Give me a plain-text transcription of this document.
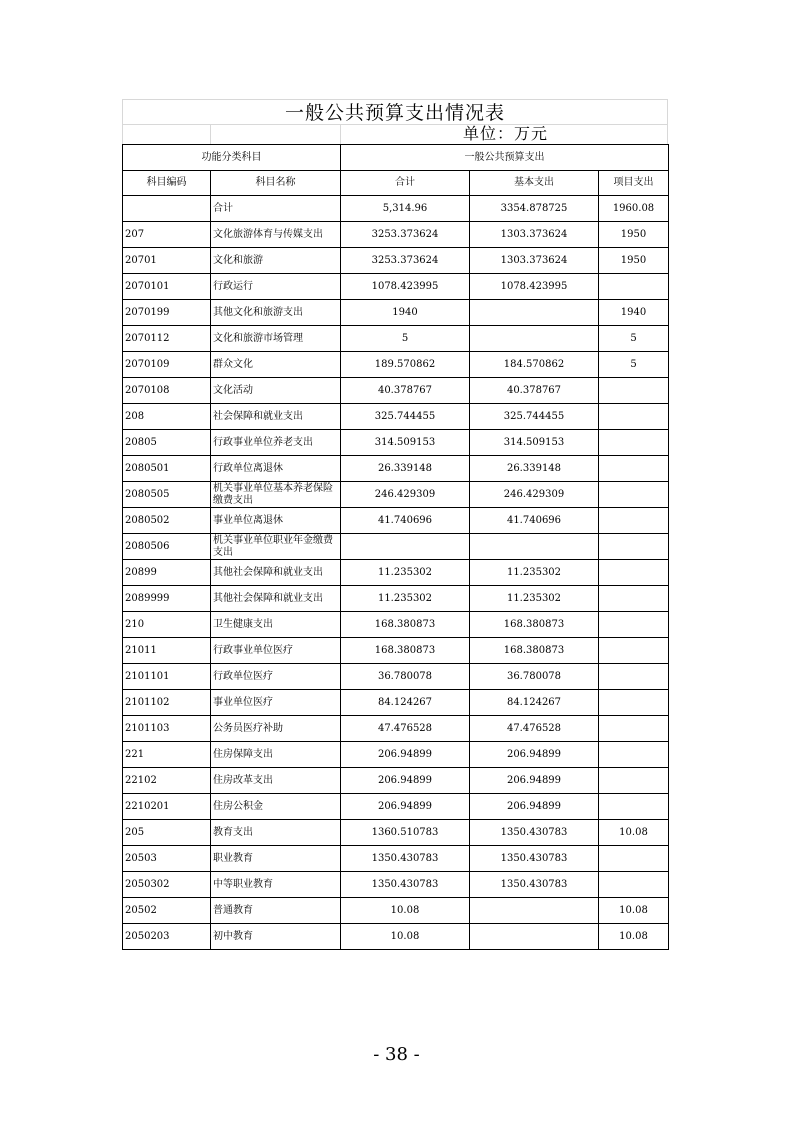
一般公共预算支出情况表
单位：万元
功能分类科目		一般公共预算支出		
科目编码	科目名称	合计	基本支出	项目支出
	合计	5,314.96	3354.878725	1960.08
207	文化旅游体育与传媒支出	3253.373624	1303.373624	1950
20701	文化和旅游	3253.373624	1303.373624	1950
2070101	行政运行	1078.423995	1078.423995	
2070199	其他文化和旅游支出	1940		1940
2070112	文化和旅游市场管理	5		5
2070109	群众文化	189.570862	184.570862	5
2070108	文化活动	40.378767	40.378767	
208	社会保障和就业支出	325.744455	325.744455	
20805	行政事业单位养老支出	314.509153	314.509153	
2080501	行政单位离退休	26.339148	26.339148	
2080505	机关事业单位基本养老保险缴费支出	246.429309	246.429309	
2080502	事业单位离退休	41.740696	41.740696	
2080506	机关事业单位职业年金缴费支出			
20899	其他社会保障和就业支出	11.235302	11.235302	
2089999	其他社会保障和就业支出	11.235302	11.235302	
210	卫生健康支出	168.380873	168.380873	
21011	行政事业单位医疗	168.380873	168.380873	
2101101	行政单位医疗	36.780078	36.780078	
2101102	事业单位医疗	84.124267	84.124267	
2101103	公务员医疗补助	47.476528	47.476528	
221	住房保障支出	206.94899	206.94899	
22102	住房改革支出	206.94899	206.94899	
2210201	住房公积金	206.94899	206.94899	
205	教育支出	1360.510783	1350.430783	10.08
20503	职业教育	1350.430783	1350.430783	
2050302	中等职业教育	1350.430783	1350.430783	
20502	普通教育	10.08		10.08
2050203	初中教育	10.08		10.08
- 38 -
